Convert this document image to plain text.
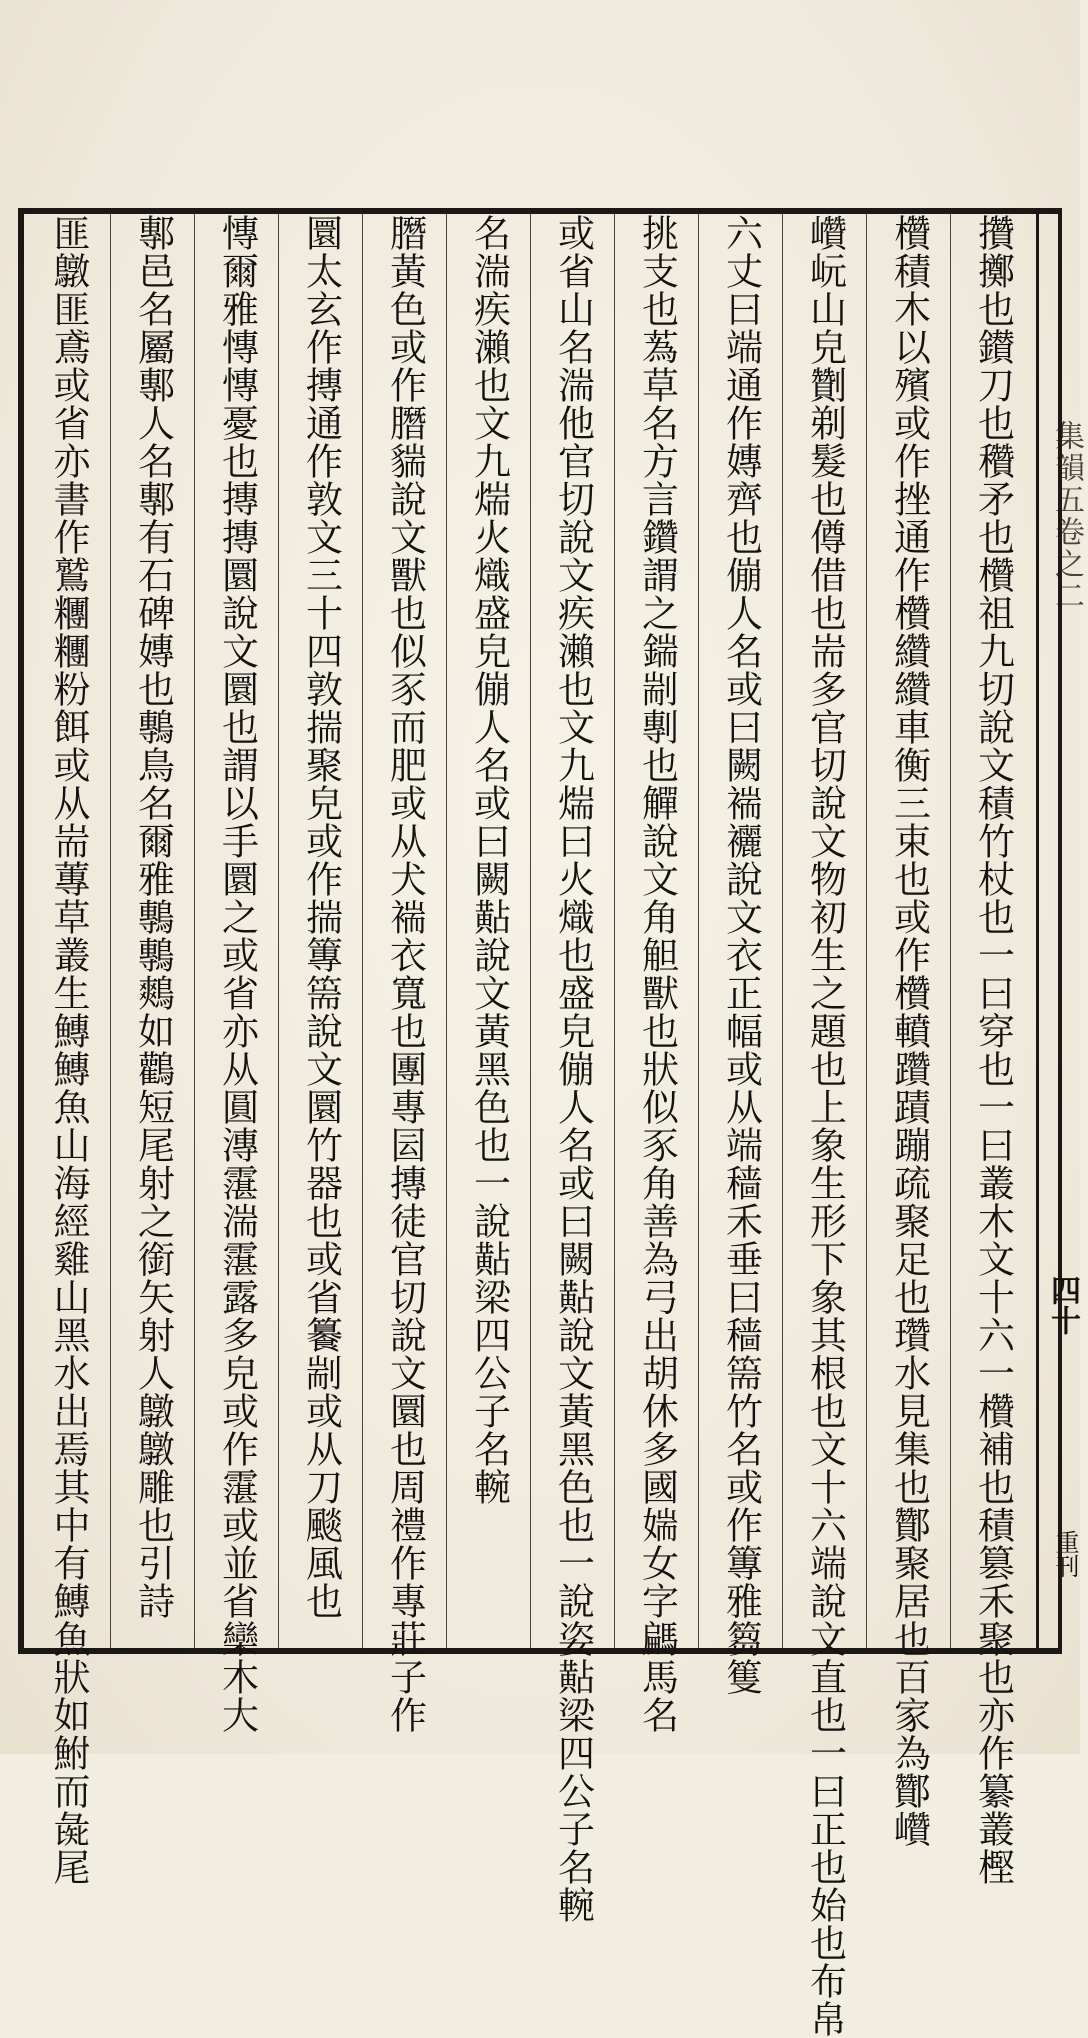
集韻五卷之二
四十
重刊
攢擲也鑚刀也穳矛也欑祖九切說文積竹杖也一曰穿也一曰叢木文十六一欑補也積篡禾聚也亦作纂叢樫
欑積木以殯或作挫通作欑纘纘車衡三束也或作欑轒躦蹟蹦疏聚足也瓚水見集也酇聚居也百家為酇巑
巑岏山皃劗剃髮也僔借也耑多官切說文物初生之題也上象生形下象其根也文十六端說文直也一曰正也始也布帛
六丈曰端通作嫥齊也傰人名或曰闕褍襹說文衣正幅或从端穑禾垂曰穑篅竹名或作篿雅篘篗
挑支也蒍草名方言鑽謂之鍴剬剸也觶說文角觛獸也狀似豕角善為弓出胡休多國媏女字騗馬名
或省山名湍他官切說文疾瀨也文九煓曰火熾也盛皃傰人名或曰闕黇說文黃黑色也一說姿黇梁四公子名䡝
名湍疾瀨也文九煓火熾盛皃傰人名或曰闕黇說文黃黑色也一說黇梁四公子名䡝
䐶黃色或作䐶貒說文獸也似豕而肥或从犬褍衣寬也團專囩摶徒官切說文圜也周禮作專莊子作
圜太玄作摶通作敦文三十四敦揣聚皃或作揣篿篅說文圜竹器也或省䉵剬或从刀颷風也
慱爾雅慱慱憂也摶摶圜說文圜也謂以手圜之或省亦从圓漙霮湍霮露多皃或作霮或並省欒木大
鄟邑名屬鄟人名鄟有石碑嫥也鷒鳥名爾雅鷒鷒鷞如鸛短尾射之銜矢射人鷻鷻雕也引詩
匪鷻匪鳶或省亦書作鷲糰糰粉餌或从耑蓴草叢生鱄鱄魚山海經雞山黑水出焉其中有鱄魚狀如鮒而彘尾
